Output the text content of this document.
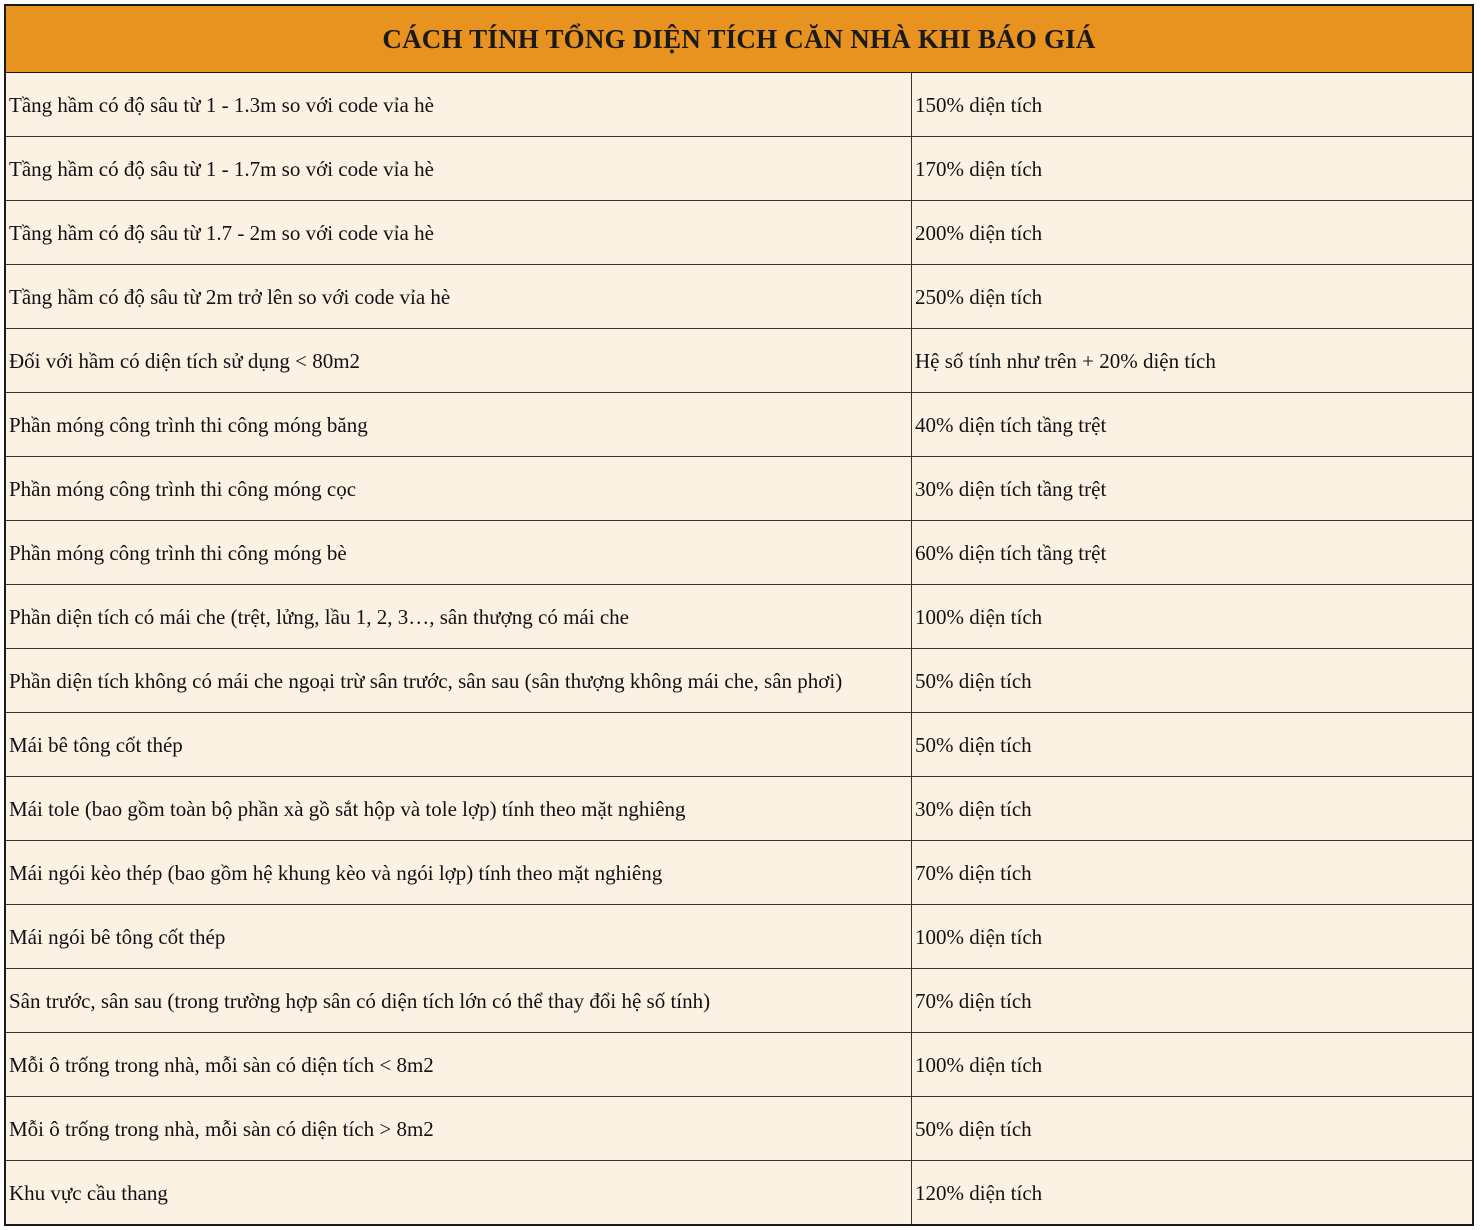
CÁCH TÍNH TỔNG DIỆN TÍCH CĂN NHÀ KHI BÁO GIÁ
Tầng hầm có độ sâu từ 1 - 1.3m so với code vỉa hè	150% diện tích
Tầng hầm có độ sâu từ 1 - 1.7m so với code vỉa hè	170% diện tích
Tầng hầm có độ sâu từ 1.7 - 2m so với code vỉa hè	200% diện tích
Tầng hầm có độ sâu từ 2m trở lên so với code vỉa hè	250% diện tích
Đối với hầm có diện tích sử dụng < 80m2	Hệ số tính như trên + 20% diện tích
Phần móng công trình thi công móng băng	40% diện tích tầng trệt
Phần móng công trình thi công móng cọc	30% diện tích tầng trệt
Phần móng công trình thi công móng bè	60% diện tích tầng trệt
Phần diện tích có mái che (trệt, lửng, lầu 1, 2, 3…, sân thượng có mái che	100% diện tích
Phần diện tích không có mái che ngoại trừ sân trước, sân sau (sân thượng không mái che, sân phơi)	50% diện tích
Mái bê tông cốt thép	50% diện tích
Mái tole (bao gồm toàn bộ phần xà gồ sắt hộp và tole lợp) tính theo mặt nghiêng	30% diện tích
Mái ngói kèo thép (bao gồm hệ khung kèo và ngói lợp) tính theo mặt nghiêng	70% diện tích
Mái ngói bê tông cốt thép	100% diện tích
Sân trước, sân sau (trong trường hợp sân có diện tích lớn có thể thay đổi hệ số tính)	70% diện tích
Mỗi ô trống trong nhà, mỗi sàn có diện tích < 8m2	100% diện tích
Mỗi ô trống trong nhà, mỗi sàn có diện tích > 8m2	50% diện tích
Khu vực cầu thang	120% diện tích
